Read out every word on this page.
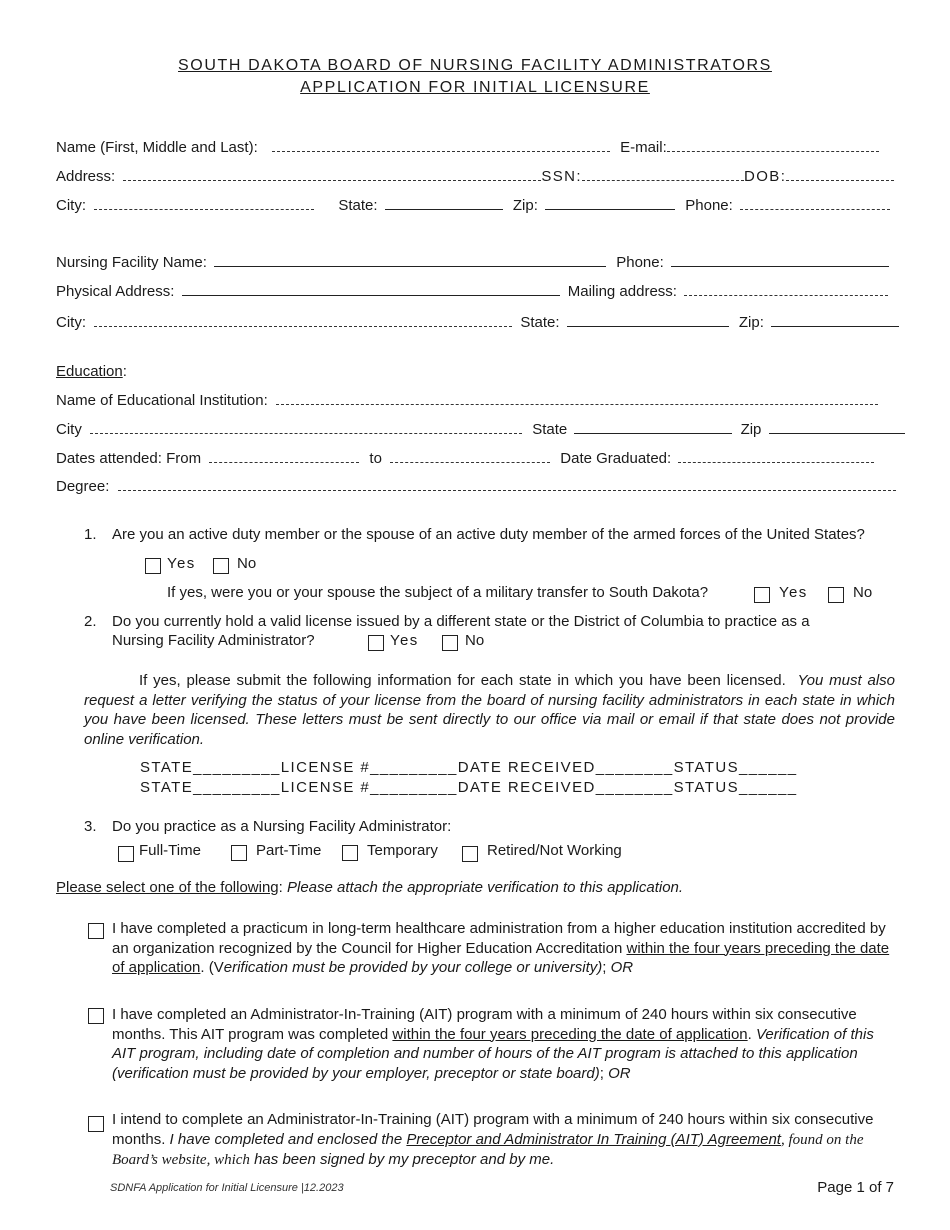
SOUTH DAKOTA BOARD OF NURSING FACILITY ADMINISTRATORS
APPLICATION FOR INITIAL LICENSURE
Name (First, Middle and Last):	E-mail:
Address:	SSN:	DOB:
City:	State:	Zip:	Phone:
Nursing Facility Name:	Phone:
Physical Address:	Mailing address:
City:	State:	Zip:
Education:
Name of Educational Institution:
City	State	Zip
Dates attended: From	to	Date Graduated:
Degree:
1. Are you an active duty member or the spouse of an active duty member of the armed forces of the United States?
Yes	No
If yes, were you or your spouse the subject of a military transfer to South Dakota?	Yes	No
2. Do you currently hold a valid license issued by a different state or the District of Columbia to practice as a
Nursing Facility Administrator?	Yes	No
If yes, please submit the following information for each state in which you have been licensed. You must also request a letter verifying the status of your license from the board of nursing facility administrators in each state in which you have been licensed. These letters must be sent directly to our office via mail or email if that state does not provide online verification.
STATE_________LICENSE #_________DATE RECEIVED________STATUS______
STATE_________LICENSE #_________DATE RECEIVED________STATUS______
3. Do you practice as a Nursing Facility Administrator:
Full-Time	Part-Time	Temporary	Retired/Not Working
Please select one of the following: Please attach the appropriate verification to this application.
I have completed a practicum in long-term healthcare administration from a higher education institution accredited by an organization recognized by the Council for Higher Education Accreditation within the four years preceding the date of application. (Verification must be provided by your college or university); OR
I have completed an Administrator-In-Training (AIT) program with a minimum of 240 hours within six consecutive months. This AIT program was completed within the four years preceding the date of application. Verification of this AIT program, including date of completion and number of hours of the AIT program is attached to this application (verification must be provided by your employer, preceptor or state board); OR
I intend to complete an Administrator-In-Training (AIT) program with a minimum of 240 hours within six consecutive months. I have completed and enclosed the Preceptor and Administrator In Training (AIT) Agreement, found on the Board’s website, which has been signed by my preceptor and by me.
SDNFA Application for Initial Licensure |12.2023	Page 1 of 7
